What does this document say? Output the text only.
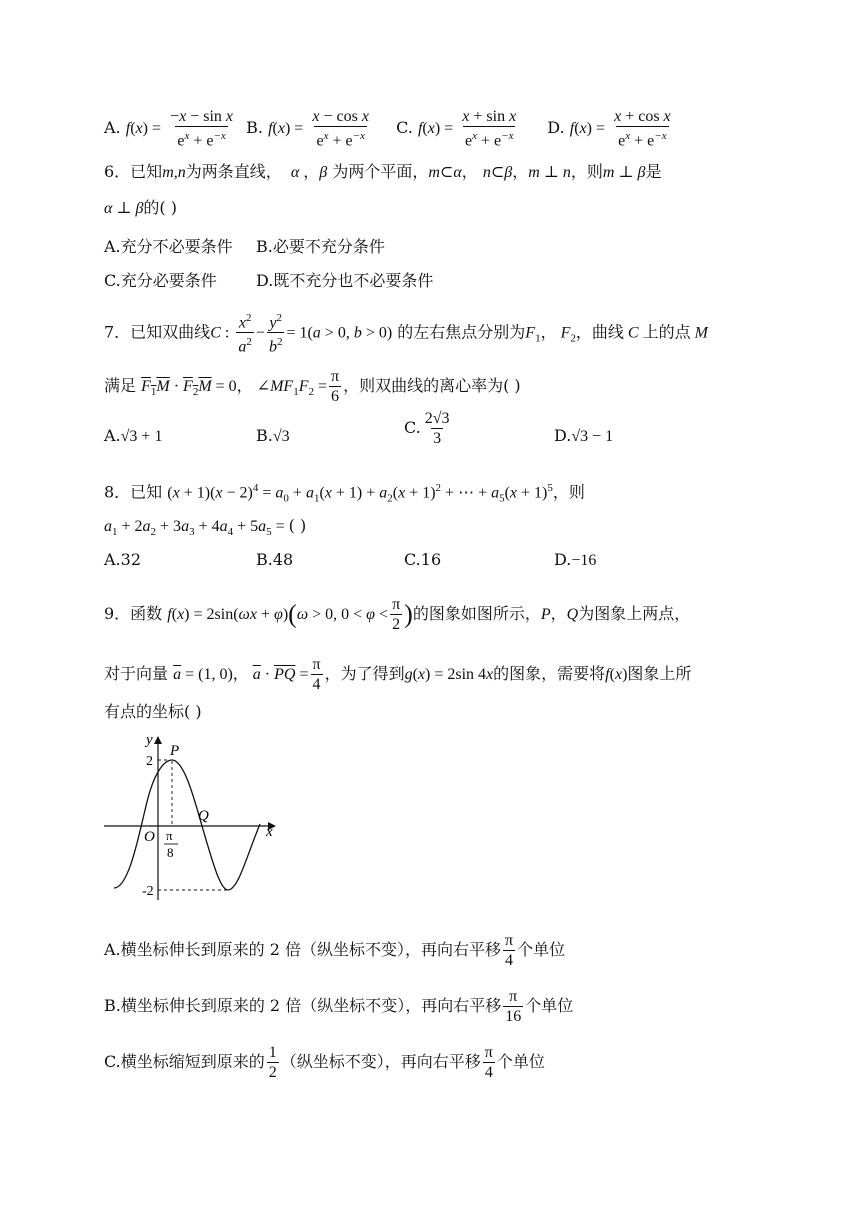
A. $f(x) = \frac{\text{−x − sin x}}{e^x + e^{-x}} B$. $f(x) = \frac{\text{x − cos x}}{e^x + e^{-x}} C$. $f(x) = \frac{\text{x + sin x}}{e^x + e^{-x}} D$. $f(x) = \frac{\text{x + cos x}}{e^x + e^{-x}}$
6．已知m,n为两条直线，  α ，β 为两个平面，m⊂α， n⊂β，m ⊥ n，则m ⊥ β是
α ⊥ β的( )
A.充分不必要条件 B.必要不充分条件
C.充分必要条件 D.既不充分也不必要条件
7．已知双曲线C : $\frac{x^2}{a^2} - \frac{y^2}{b^2} = 1(a > 0$, b > 0) 的左右焦点分别为$F_1$， $F_2$，曲线 C 上的点 M
满足 $F_1M \cdot F_2M = 0$， $\angle MF_1F_2 = \frac{\pi}{6}$ ，则双曲线的离心率为( )
A.√3 + 1	B.√3	C. $\frac{2√3}{3}$	D.√3 − 1
8．已知 $(x + 1)(x - 2)^4 = a_0 + a_1(x + 1) + a_2(x + 1)^2$ + ⋯ + $a_5(x + 1)^5$，则
$a_1 + 2a_2 + 3a_3 + 4a_4 + 5a_5$ = ( )
A.32	B.48	C.16	D.−16
9．函数 f(x) = 2sin(ωx + φ)(ω > 0, $0 < \varphi < \frac{\pi}{2}$ )的图象如图所示，P，Q为图象上两点，
对于向量 $\overline{a} = (1$, 0)， $\overline{a} \cdot \overline{PQ} = \frac{\pi}{4}$ ，为了得到g(x) = 2sin 4x的图象，需要将f(x)图象上所
有点的坐标( )
y
x
O
P
Q
2
-2
π
8
A.横坐标伸长到原来的 2 倍（纵坐标不变），再向右平移 $\frac{\pi}{4}$ 个单位
B.横坐标伸长到原来的 2 倍（纵坐标不变），再向右平移 $\frac{\pi}{16}$ 个单位
C.横坐标缩短到原来的 $\frac{1}{2}$ （纵坐标不变），再向右平移 $\frac{\pi}{4}$ 个单位
